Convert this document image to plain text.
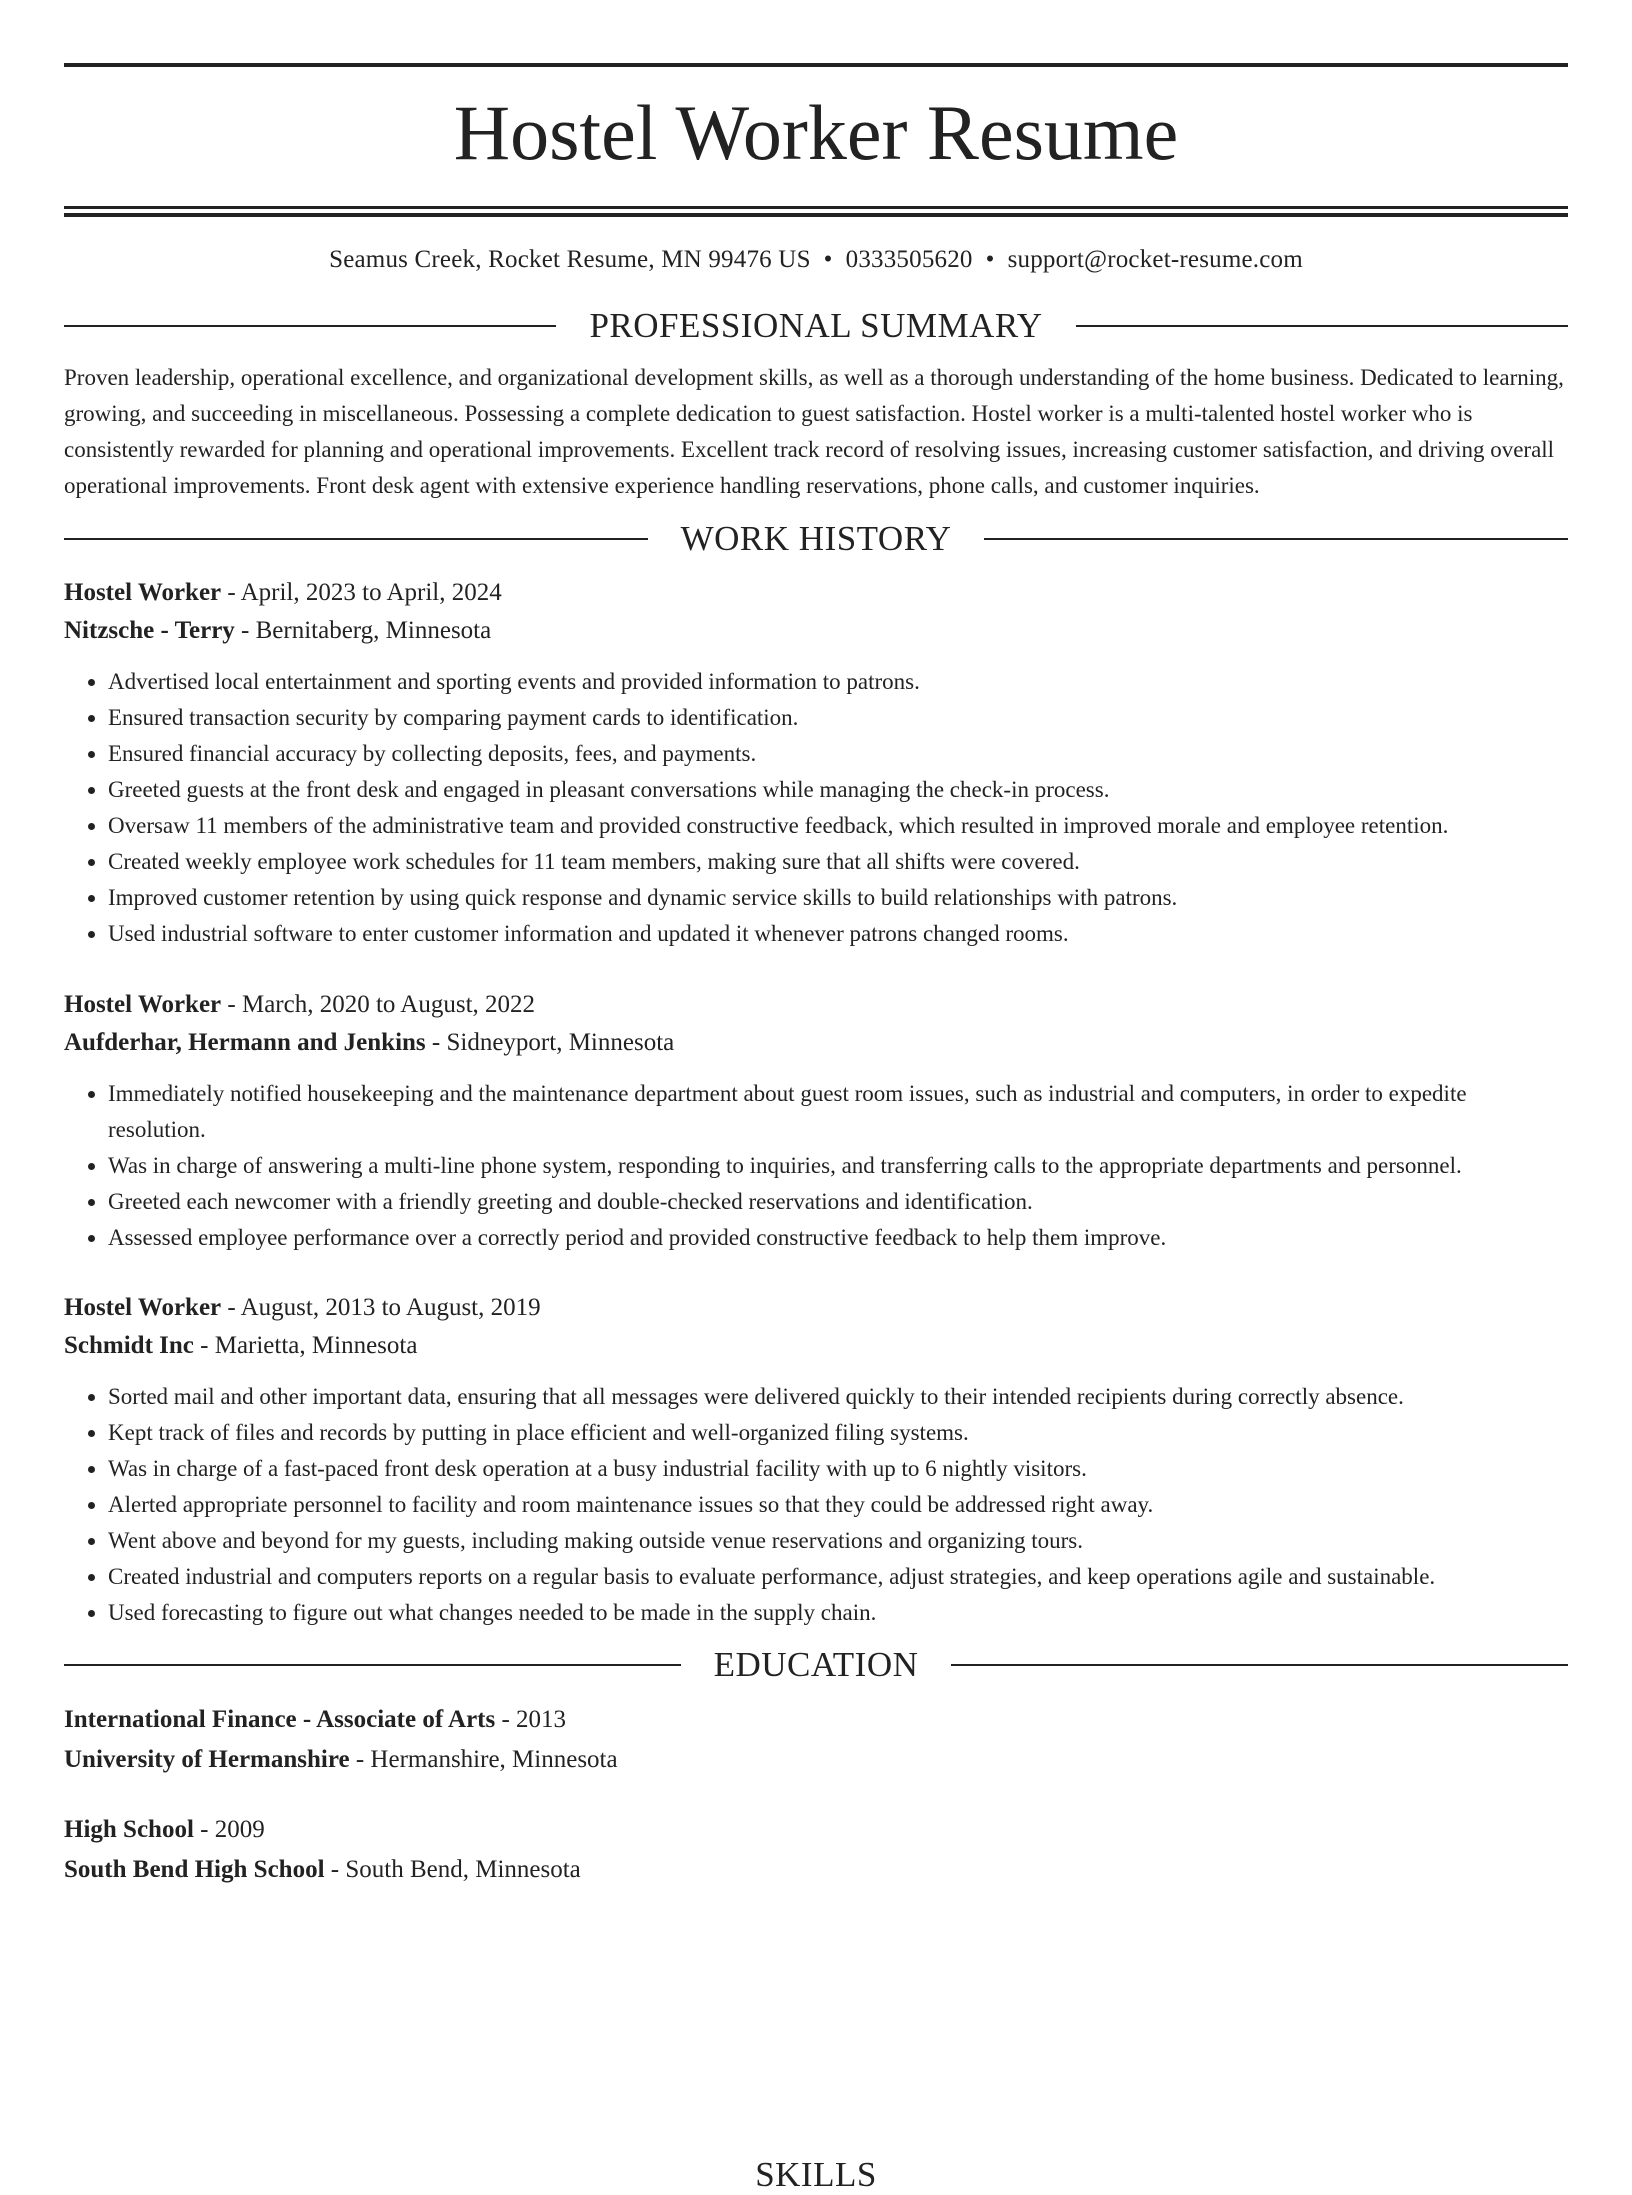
Hostel Worker Resume
Seamus Creek, Rocket Resume, MN 99476 US • 0333505620 • support@rocket-resume.com
PROFESSIONAL SUMMARY

Proven leadership, operational excellence, and organizational development skills, as well as a thorough understanding of the home business. Dedicated to learning, growing, and succeeding in miscellaneous. Possessing a complete dedication to guest satisfaction. Hostel worker is a multi-talented hostel worker who is consistently rewarded for planning and operational improvements. Excellent track record of resolving issues, increasing customer satisfaction, and driving overall operational improvements. Front desk agent with extensive experience handling reservations, phone calls, and customer inquiries.

WORK HISTORY
Hostel Worker - April, 2023 to April, 2024
Nitzsche - Terry - Bernitaberg, Minnesota
• Advertised local entertainment and sporting events and provided information to patrons.
• Ensured transaction security by comparing payment cards to identification.
• Ensured financial accuracy by collecting deposits, fees, and payments.
• Greeted guests at the front desk and engaged in pleasant conversations while managing the check-in process.
• Oversaw 11 members of the administrative team and provided constructive feedback, which resulted in improved morale and employee retention.
• Created weekly employee work schedules for 11 team members, making sure that all shifts were covered.
• Improved customer retention by using quick response and dynamic service skills to build relationships with patrons.
• Used industrial software to enter customer information and updated it whenever patrons changed rooms.
Hostel Worker - March, 2020 to August, 2022
Aufderhar, Hermann and Jenkins - Sidneyport, Minnesota
• Immediately notified housekeeping and the maintenance department about guest room issues, such as industrial and computers, in order to expedite resolution.
• Was in charge of answering a multi-line phone system, responding to inquiries, and transferring calls to the appropriate departments and personnel.
• Greeted each newcomer with a friendly greeting and double-checked reservations and identification.
• Assessed employee performance over a correctly period and provided constructive feedback to help them improve.
Hostel Worker - August, 2013 to August, 2019
Schmidt Inc - Marietta, Minnesota
• Sorted mail and other important data, ensuring that all messages were delivered quickly to their intended recipients during correctly absence.
• Kept track of files and records by putting in place efficient and well-organized filing systems.
• Was in charge of a fast-paced front desk operation at a busy industrial facility with up to 6 nightly visitors.
• Alerted appropriate personnel to facility and room maintenance issues so that they could be addressed right away.
• Went above and beyond for my guests, including making outside venue reservations and organizing tours.
• Created industrial and computers reports on a regular basis to evaluate performance, adjust strategies, and keep operations agile and sustainable.
• Used forecasting to figure out what changes needed to be made in the supply chain.
EDUCATION
International Finance - Associate of Arts - 2013
University of Hermanshire - Hermanshire, Minnesota
High School - 2009
South Bend High School - South Bend, Minnesota
SKILLS
